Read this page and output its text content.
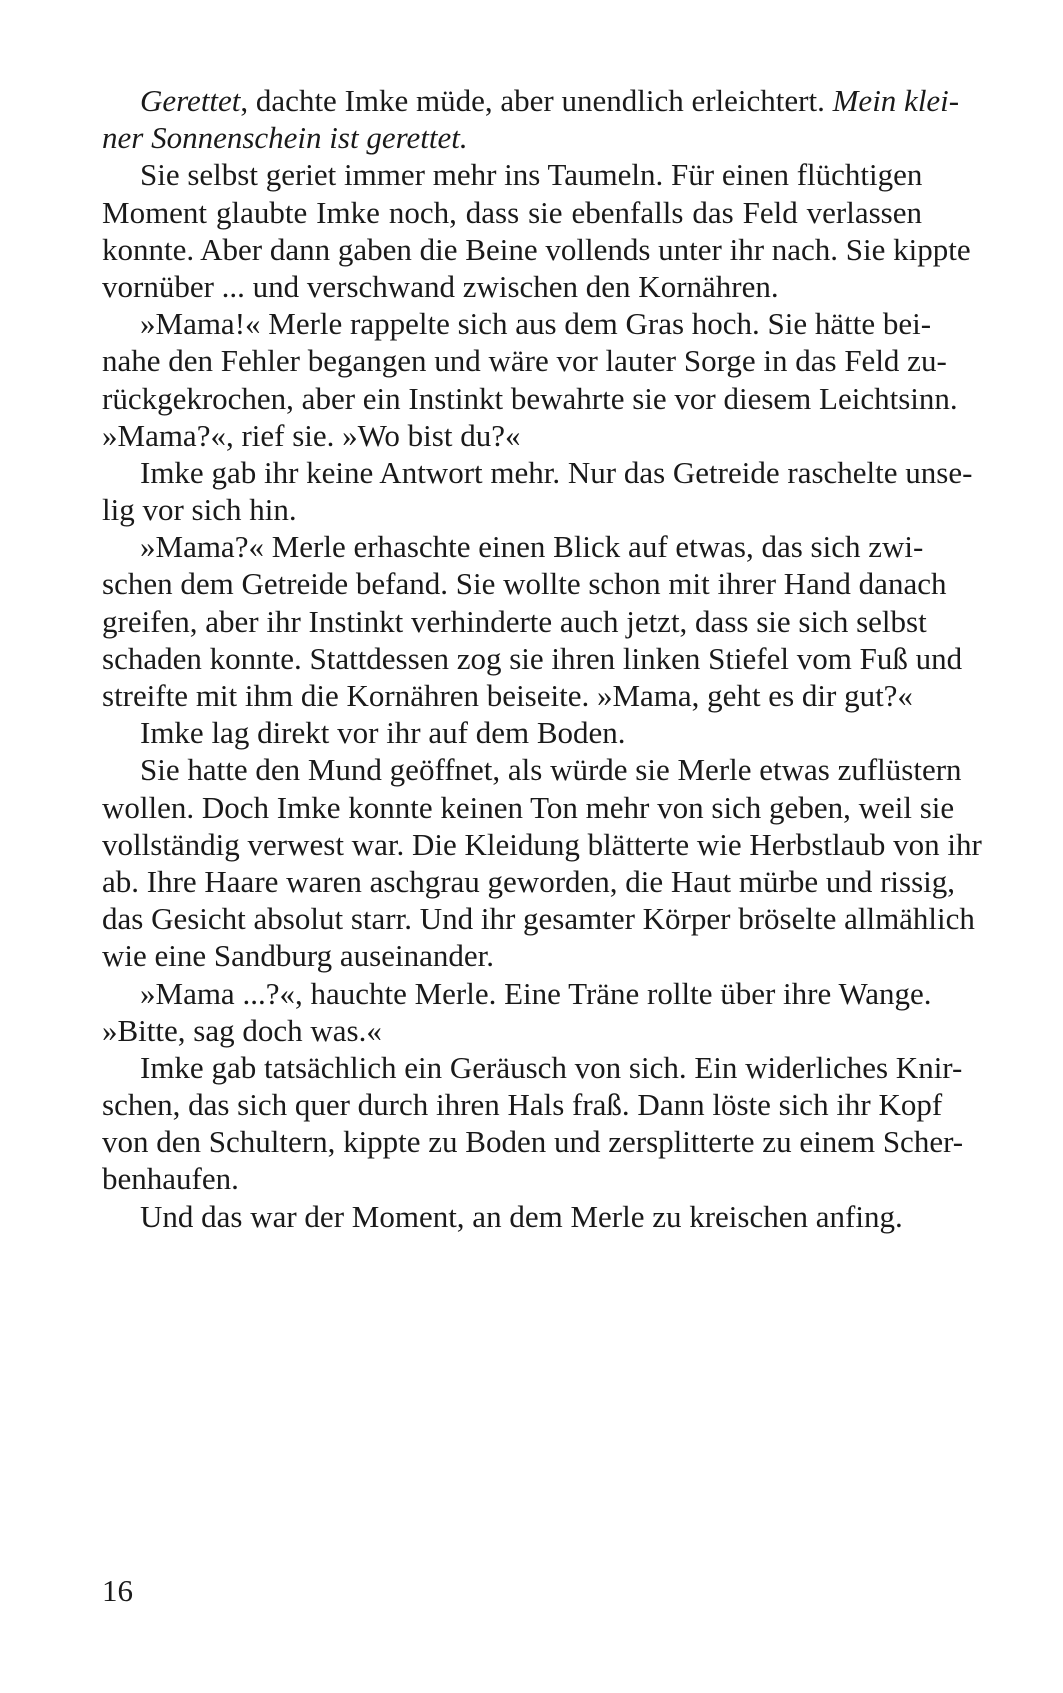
Gerettet, dachte Imke müde, aber unendlich erleichtert. Mein klei-
ner Sonnenschein ist gerettet.
Sie selbst geriet immer mehr ins Taumeln. Für einen flüchtigen
Moment glaubte Imke noch, dass sie ebenfalls das Feld verlassen
konnte. Aber dann gaben die Beine vollends unter ihr nach. Sie kippte
vornüber ... und verschwand zwischen den Kornähren.
»Mama!« Merle rappelte sich aus dem Gras hoch. Sie hätte bei-
nahe den Fehler begangen und wäre vor lauter Sorge in das Feld zu-
rückgekrochen, aber ein Instinkt bewahrte sie vor diesem Leichtsinn.
»Mama?«, rief sie. »Wo bist du?«
Imke gab ihr keine Antwort mehr. Nur das Getreide raschelte unse-
lig vor sich hin.
»Mama?« Merle erhaschte einen Blick auf etwas, das sich zwi-
schen dem Getreide befand. Sie wollte schon mit ihrer Hand danach
greifen, aber ihr Instinkt verhinderte auch jetzt, dass sie sich selbst
schaden konnte. Stattdessen zog sie ihren linken Stiefel vom Fuß und
streifte mit ihm die Kornähren beiseite. »Mama, geht es dir gut?«
Imke lag direkt vor ihr auf dem Boden.
Sie hatte den Mund geöffnet, als würde sie Merle etwas zuflüstern
wollen. Doch Imke konnte keinen Ton mehr von sich geben, weil sie
vollständig verwest war. Die Kleidung blätterte wie Herbstlaub von ihr
ab. Ihre Haare waren aschgrau geworden, die Haut mürbe und rissig,
das Gesicht absolut starr. Und ihr gesamter Körper bröselte allmählich
wie eine Sandburg auseinander.
»Mama ...?«, hauchte Merle. Eine Träne rollte über ihre Wange.
»Bitte, sag doch was.«
Imke gab tatsächlich ein Geräusch von sich. Ein widerliches Knir-
schen, das sich quer durch ihren Hals fraß. Dann löste sich ihr Kopf
von den Schultern, kippte zu Boden und zersplitterte zu einem Scher-
benhaufen.
Und das war der Moment, an dem Merle zu kreischen anfing.
16
